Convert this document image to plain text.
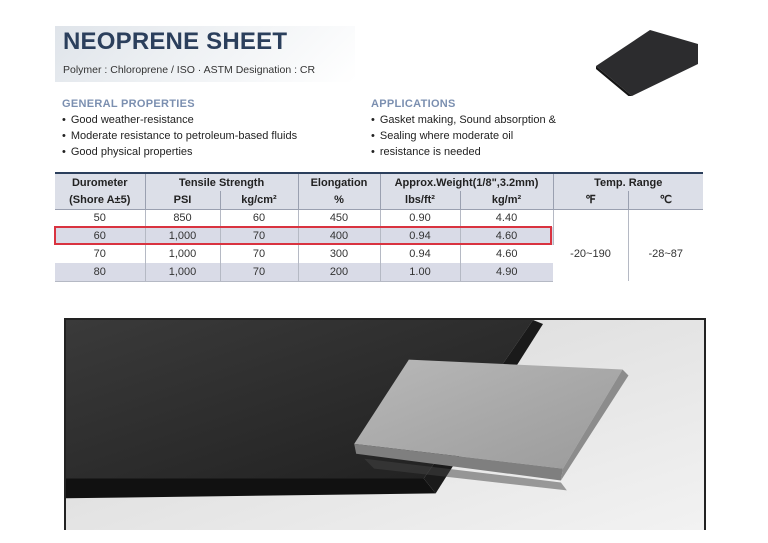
NEOPRENE SHEET
Polymer : Chloroprene / ISO · ASTM Designation : CR
GENERAL PROPERTIES
• Good weather-resistance
• Moderate resistance to petroleum-based fluids
• Good physical properties
APPLICATIONS
• Gasket making, Sound absorption &
• Sealing where moderate oil
• resistance is needed
Durometer	Tensile Strength		Elongation	Approx.Weight(1/8",3.2mm)		Temp. Range	
(Shore A±5)	PSI	kg/cm²	%	lbs/ft²	kg/m²	℉	℃
50	850	60	450	0.90	4.40		
60	1,000	70	400	0.94	4.60	-20~190	-28~87
70	1,000	70	300	0.94	4.60		
80	1,000	70	200	1.00	4.90		
